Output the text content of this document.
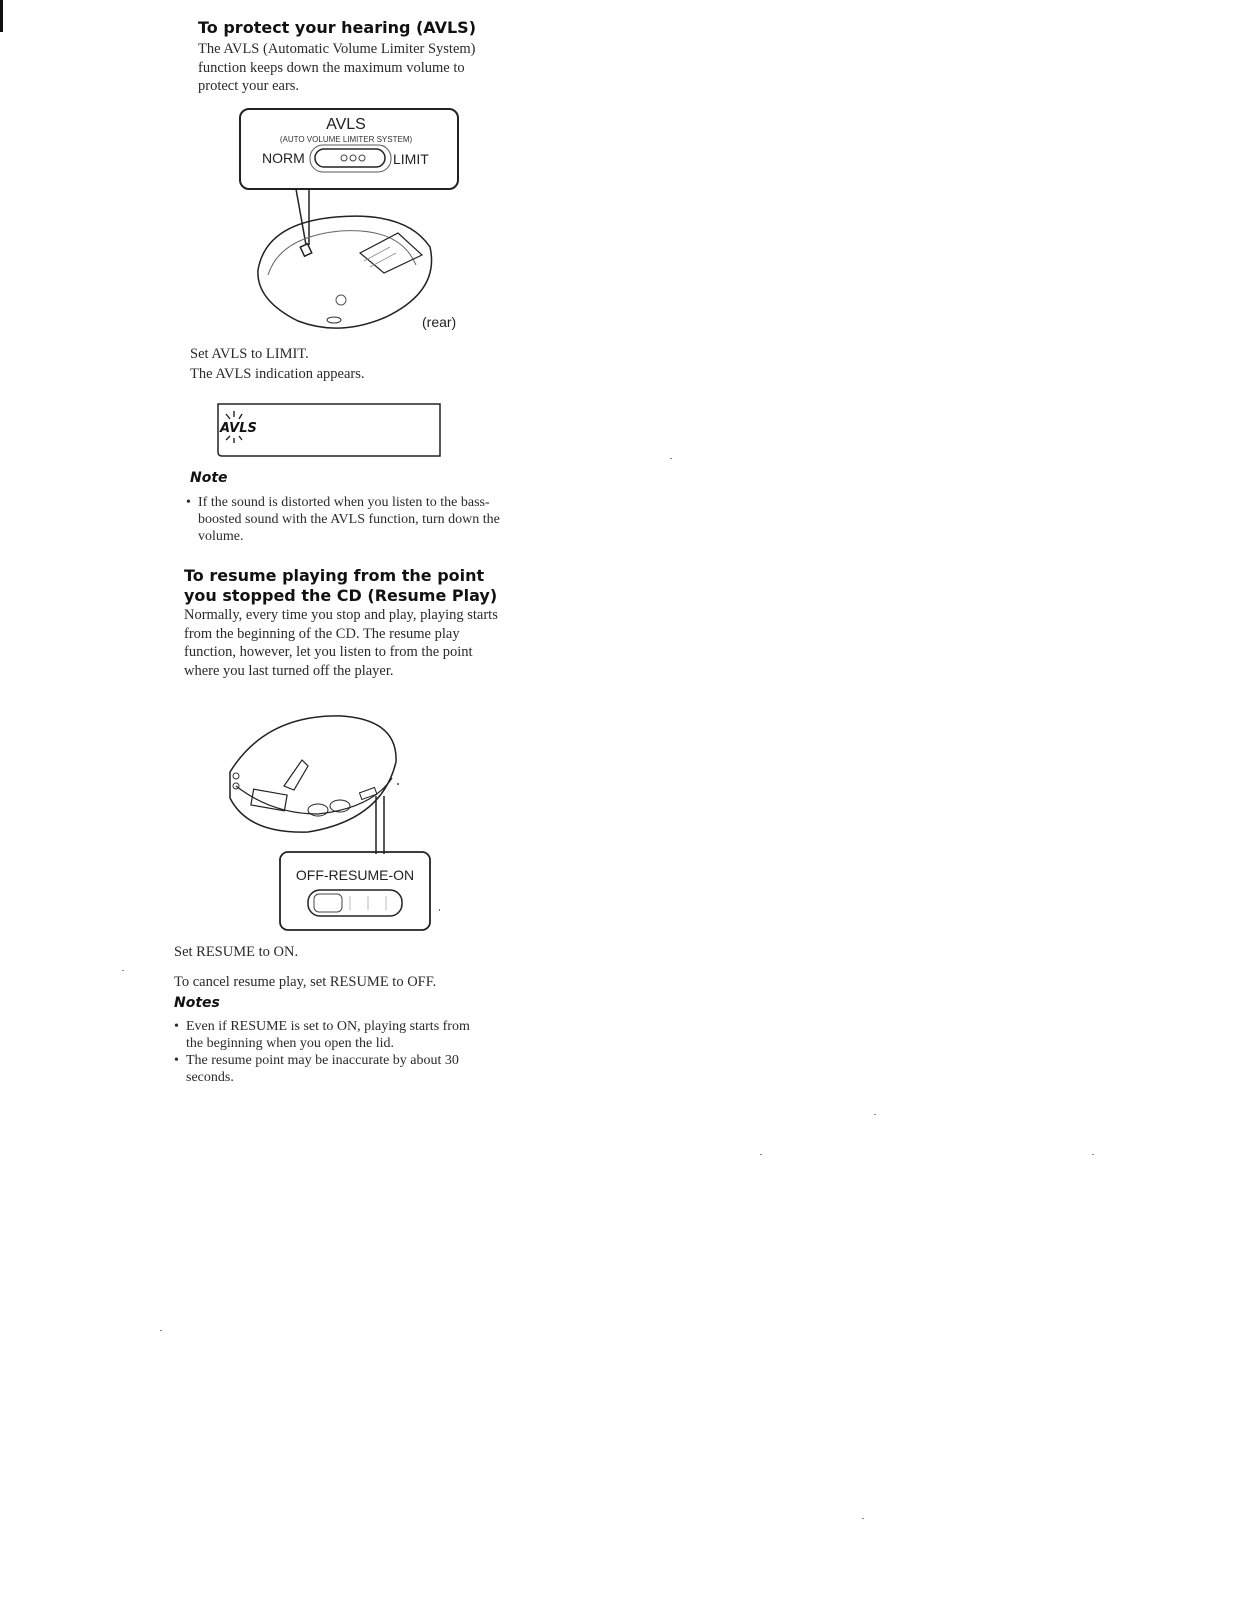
To protect your hearing (AVLS)

The AVLS (Automatic Volume Limiter System) function keeps down the maximum volume to protect your ears.

AVLS
(AUTO VOLUME LIMITER SYSTEM)
NORM	LIMIT
(rear)

Set AVLS to LIMIT.

The AVLS indication appears.

AVLS

Note

• If the sound is distorted when you listen to the bass-boosted sound with the AVLS function, turn down the volume.
To resume playing from the point
you stopped the CD (Resume Play)

Normally, every time you stop and play, playing starts from the beginning of the CD. The resume play function, however, let you listen to from the point where you last turned off the player.

OFF-RESUME-ON

Set RESUME to ON.

To cancel resume play, set RESUME to OFF.

Notes

• Even if RESUME is set to ON, playing starts from the beginning when you open the lid.
• The resume point may be inaccurate by about 30 seconds.
